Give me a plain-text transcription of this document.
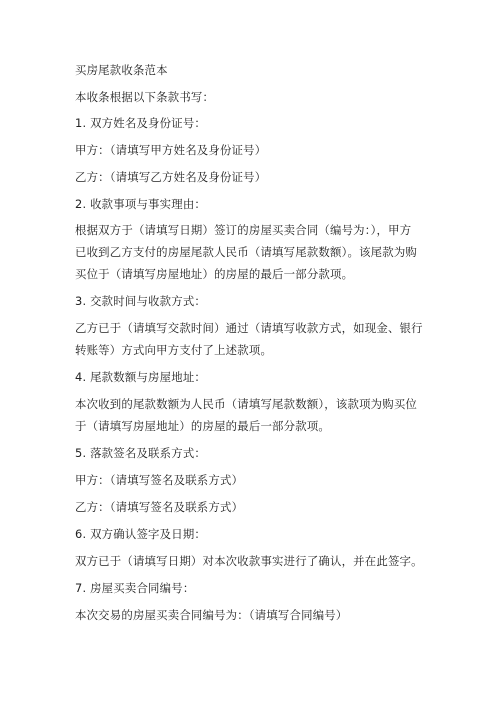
买房尾款收条范本
本收条根据以下条款书写：
1. 双方姓名及身份证号：
甲方：（请填写甲方姓名及身份证号）
乙方：（请填写乙方姓名及身份证号）
2. 收款事项与事实理由：
根据双方于（请填写日期）签订的房屋买卖合同（编号为：），甲方
已收到乙方支付的房屋尾款人民币（请填写尾款数额）。该尾款为购
买位于（请填写房屋地址）的房屋的最后一部分款项。
3. 交款时间与收款方式：
乙方已于（请填写交款时间）通过（请填写收款方式，如现金、银行
转账等）方式向甲方支付了上述款项。
4. 尾款数额与房屋地址：
本次收到的尾款数额为人民币（请填写尾款数额），该款项为购买位
于（请填写房屋地址）的房屋的最后一部分款项。
5. 落款签名及联系方式：
甲方：（请填写签名及联系方式）
乙方：（请填写签名及联系方式）
6. 双方确认签字及日期：
双方已于（请填写日期）对本次收款事实进行了确认，并在此签字。
7. 房屋买卖合同编号：
本次交易的房屋买卖合同编号为：（请填写合同编号）
